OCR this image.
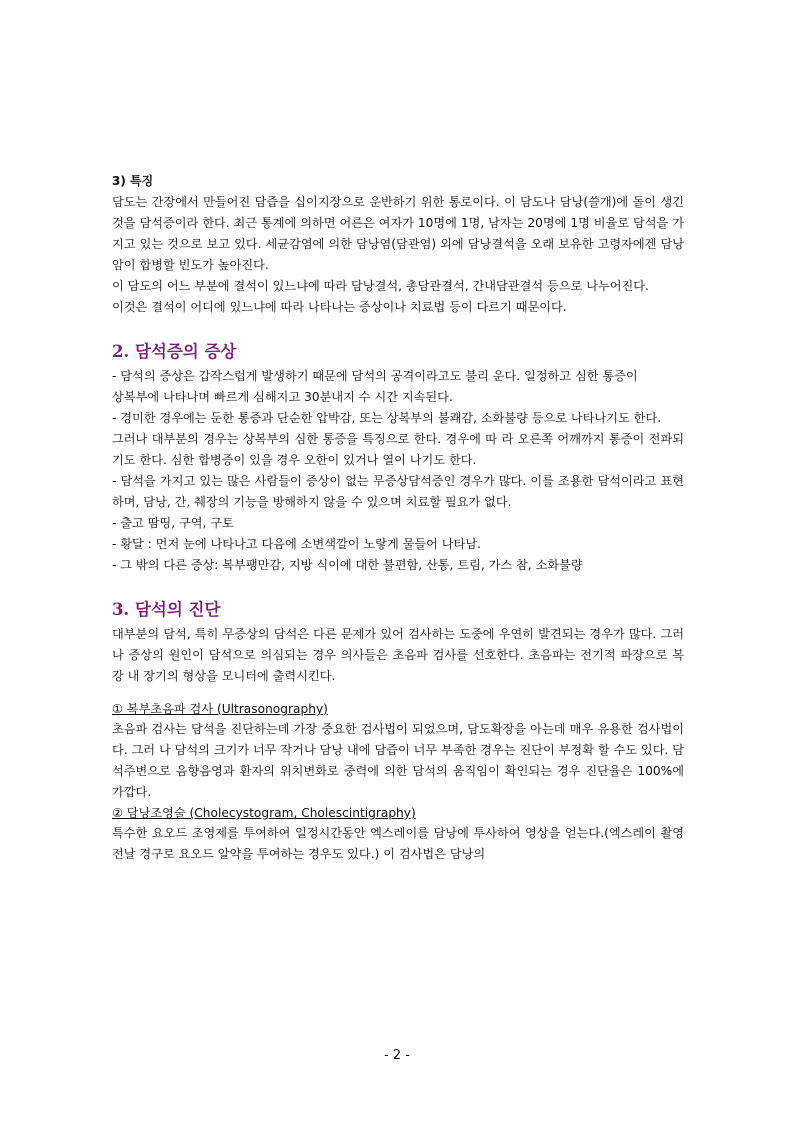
3) 특징

담도는 간장에서 만들어진 담즙을 십이지장으로 운반하기 위한 통로이다. 이 담도나 담낭(쓸개)에 돌이 생긴 것을 담석증이라 한다. 최근 통계에 의하면 어른은 여자가 10명에 1명, 남자는 20명에 1명 비율로 담석을 가지고 있는 것으로 보고 있다. 세균감염에 의한 담낭염(담관염) 외에 담낭결석을 오래 보유한 고령자에겐 담낭암이 합병할 빈도가 높아진다.

이 담도의 어느 부분에 결석이 있느냐에 따라 담낭결석, 총담관결석, 간내담관결석 등으로 나누어진다.

이것은 결석이 어디에 있느냐에 따라 나타나는 증상이나 치료법 등이 다르기 때문이다.

2. 담석증의 증상

- 담석의 증상은 갑작스럽게 발생하기 때문에 담석의 공격이라고도 불리 운다. 일정하고 심한 통증이

상복부에 나타나며 빠르게 심해지고 30분내지 수 시간 지속된다.

- 경미한 경우에는 둔한 통증과 단순한 압박감, 또는 상복부의 불쾌감, 소화불량 등으로 나타나기도 한다.

그러나 대부분의 경우는 상복부의 심한 통증을 특징으로 한다. 경우에 따 라 오른쪽 어깨까지 통증이 전파되기도 한다. 심한 합병증이 있을 경우 오한이 있거나 열이 나기도 한다.

- 담석을 가지고 있는 많은 사람들이 증상이 없는 무증상담석증인 경우가 많다. 이를 조용한 담석이라고 표현하며, 담낭, 간, 췌장의 기능을 방해하지 않을 수 있으며 치료할 필요가 없다.

- 출고 땀띵, 구역, 구토

- 황달 : 먼저 눈에 나타나고 다음에 소변색깔이 노랗게 물들어 나타남.

- 그 밖의 다른 증상: 복부팽만감, 지방 식이에 대한 불편함, 산통, 트림, 가스 참, 소화불량

3. 담석의 진단

대부분의 담석, 특히 무증상의 담석은 다른 문제가 있어 검사하는 도중에 우연히 발견되는 경우가 많다. 그러나 증상의 원인이 담석으로 의심되는 경우 의사들은 초음파 검사를 선호한다. 초음파는 전기적 파장으로 복강 내 장기의 형상을 모니터에 출력시킨다.

① 복부초음파 검사 (Ultrasonography)

초음파 검사는 담석을 진단하는데 가장 중요한 검사법이 되었으며, 담도확장을 아는데 매우 유용한 검사법이다. 그러 나 담석의 크기가 너무 작거나 담낭 내에 담즙이 너무 부족한 경우는 진단이 부정확 할 수도 있다. 담석주변으로 음향음영과 환자의 위치변화로 중력에 의한 담석의 움직임이 확인되는 경우 진단율은 100%에 가깝다.

② 담낭조영술 (Cholecystogram, Cholescintigraphy)

특수한 요오드 조영제를 투여하여 일정시간동안 엑스레이를 담낭에 투사하여 영상을 얻는다.(엑스레이 촬영전날 경구로 요오드 알약을 투여하는 경우도 있다.) 이 검사법은 담낭의

- 2 -
